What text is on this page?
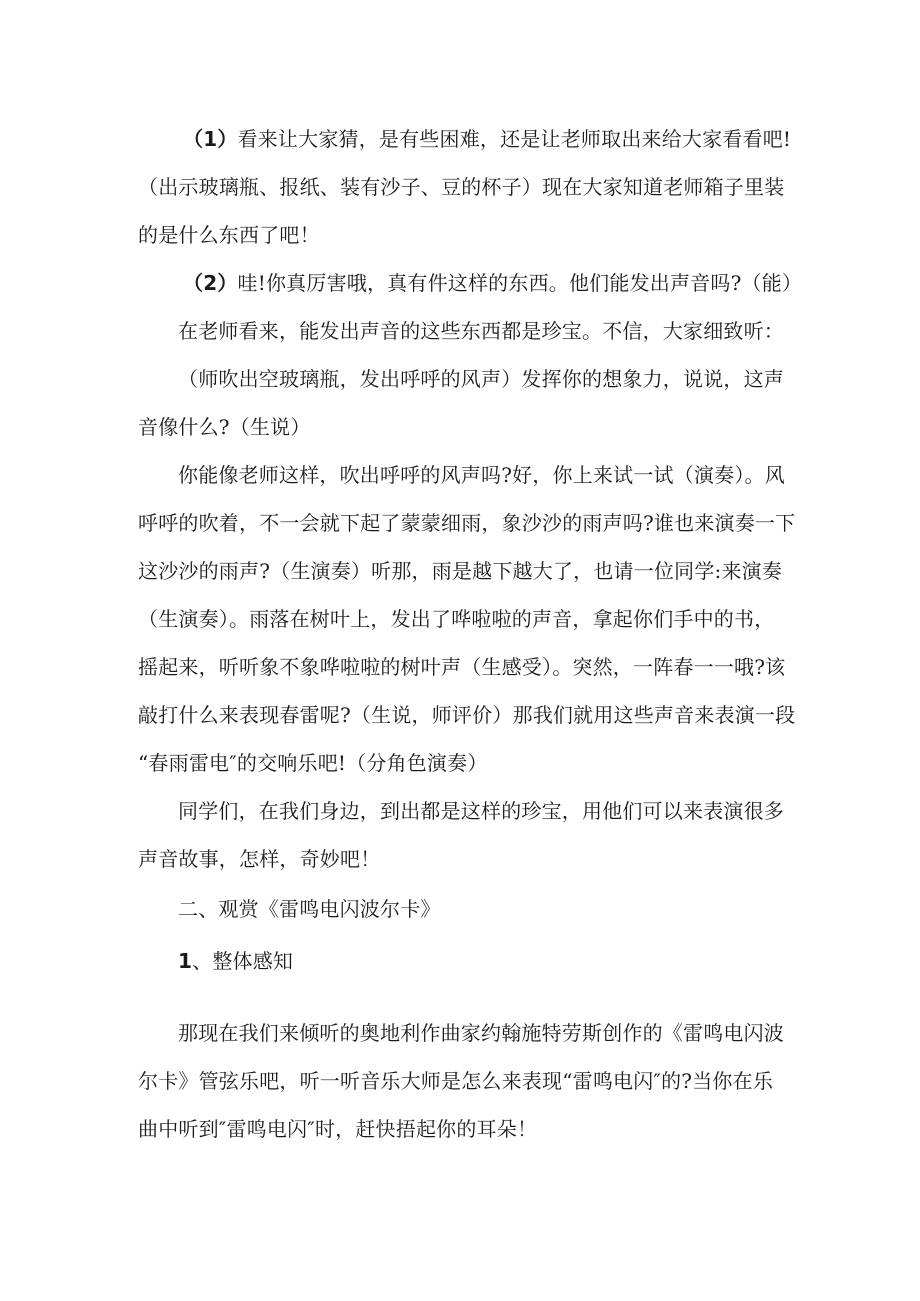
（1）看来让大家猜，是有些困难，还是让老师取出来给大家看看吧!
（出示玻璃瓶、报纸、装有沙子、豆的杯子）现在大家知道老师箱子里装
的是什么东西了吧！
（2）哇!你真厉害哦，真有件这样的东西。他们能发出声音吗?（能）
在老师看来，能发出声音的这些东西都是珍宝。不信，大家细致听：
（师吹出空玻璃瓶，发出呼呼的风声）发挥你的想象力，说说，这声
音像什么?（生说）
你能像老师这样，吹出呼呼的风声吗?好，你上来试一试（演奏）。风
呼呼的吹着，不一会就下起了蒙蒙细雨，象沙沙的雨声吗?谁也来演奏一下
这沙沙的雨声?（生演奏）听那，雨是越下越大了，也请一位同学:来演奏
（生演奏）。雨落在树叶上，发出了哗啦啦的声音，拿起你们手中的书，
摇起来，听听象不象哗啦啦的树叶声（生感受）。突然，一阵春一一哦?该
敲打什么来表现春雷呢?（生说，师评价）那我们就用这些声音来表演一段
“春雨雷电″的交响乐吧!（分角色演奏）
同学们，在我们身边，到出都是这样的珍宝，用他们可以来表演很多
声音故事，怎样，奇妙吧！
二、观赏《雷鸣电闪波尔卡》
1、整体感知
那现在我们来倾听的奥地利作曲家约翰施特劳斯创作的《雷鸣电闪波
尔卡》管弦乐吧，听一听音乐大师是怎么来表现“雷鸣电闪″的?当你在乐
曲中听到″雷鸣电闪″时，赶快捂起你的耳朵！
